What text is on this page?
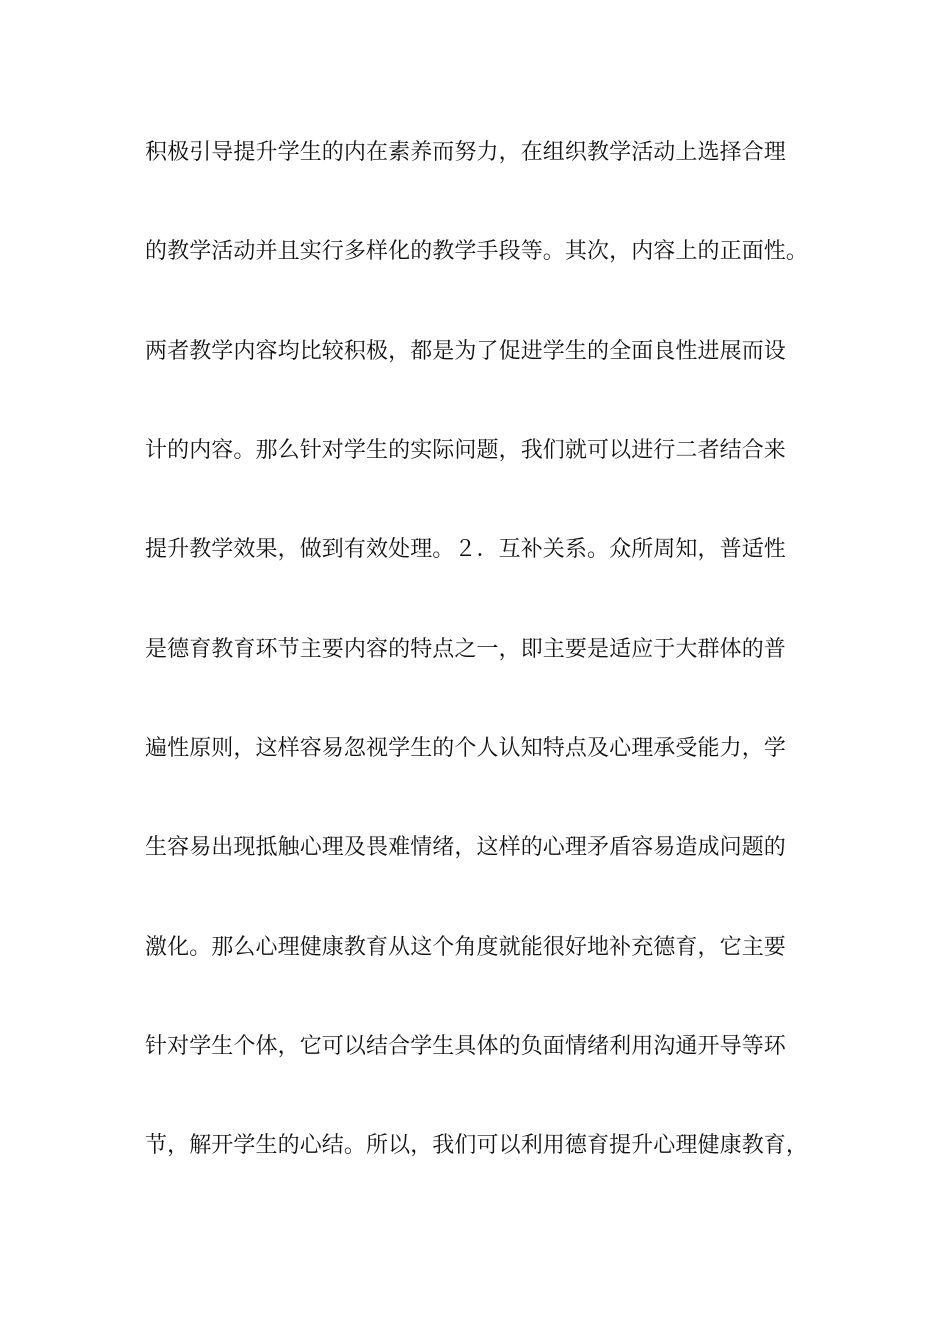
积极引导提升学生的内在素养而努力，在组织教学活动上选择合理
的教学活动并且实行多样化的教学手段等。其次，内容上的正面性。
两者教学内容均比较积极，都是为了促进学生的全面良性进展而设
计的内容。那么针对学生的实际问题，我们就可以进行二者结合来
提升教学效果，做到有效处理。２．互补关系。众所周知，普适性
是德育教育环节主要内容的特点之一，即主要是适应于大群体的普
遍性原则，这样容易忽视学生的个人认知特点及心理承受能力，学
生容易出现抵触心理及畏难情绪，这样的心理矛盾容易造成问题的
激化。那么心理健康教育从这个角度就能很好地补充德育，它主要
针对学生个体，它可以结合学生具体的负面情绪利用沟通开导等环
节，解开学生的心结。所以，我们可以利用德育提升心理健康教育，
